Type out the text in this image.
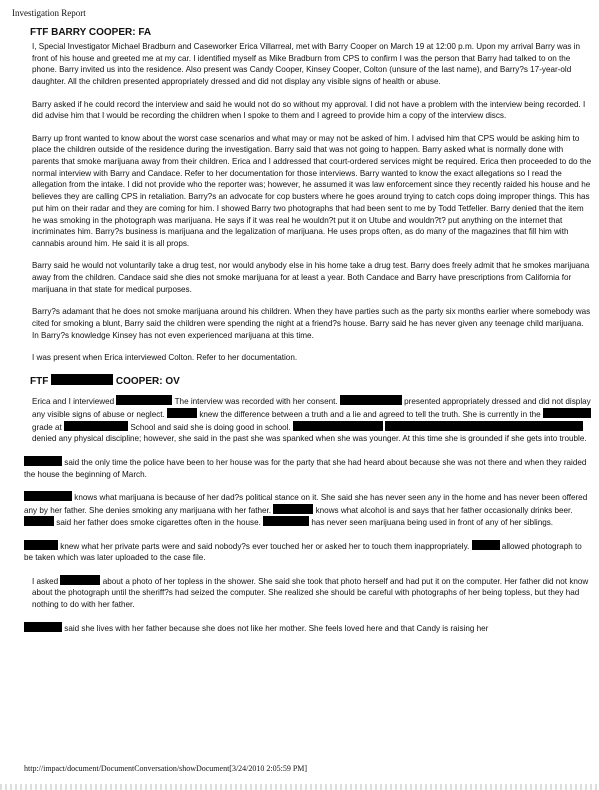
Investigation Report
FTF BARRY COOPER: FA

I, Special Investigator Michael Bradburn and Caseworker Erica Villarreal, met with Barry Cooper on March 19 at 12:00 p.m. Upon my arrival Barry was in front of his house and greeted me at my car. I identified myself as Mike Bradburn from CPS to confirm I was the person that Barry had talked to on the phone. Barry invited us into the residence. Also present was Candy Cooper, Kinsey Cooper, Colton (unsure of the last name), and Barry?s 17-year-old daughter. All the children presented appropriately dressed and did not display any visible signs of health or abuse.

Barry asked if he could record the interview and said he would not do so without my approval. I did not have a problem with the interview being recorded. I did advise him that I would be recording the children when I spoke to them and I agreed to provide him a copy of the interview discs.

Barry up front wanted to know about the worst case scenarios and what may or may not be asked of him. I advised him that CPS would be asking him to place the children outside of the residence during the investigation. Barry said that was not going to happen. Barry asked what is normally done with parents that smoke marijuana away from their children. Erica and I addressed that court-ordered services might be required. Erica then proceeded to do the normal interview with Barry and Candace. Refer to her documentation for those interviews. Barry wanted to know the exact allegations so I read the allegation from the intake. I did not provide who the reporter was; however, he assumed it was law enforcement since they recently raided his house and he believes they are calling CPS in retaliation. Barry?s an advocate for cop busters where he goes around trying to catch cops doing improper things. This has put him on their radar and they are coming for him. I showed Barry two photographs that had been sent to me by Todd Tetfeller. Barry denied that the item he was smoking in the photograph was marijuana. He says if it was real he wouldn?t put it on Utube and wouldn?t? put anything on the internet that incriminates him. Barry?s business is marijuana and the legalization of marijuana. He uses props often, as do many of the magazines that fill him with cannabis around him. He said it is all props.

Barry said he would not voluntarily take a drug test, nor would anybody else in his home take a drug test. Barry does freely admit that he smokes marijuana away from the children. Candace said she dies not smoke marijuana for at least a year. Both Candace and Barry have prescriptions from California for marijuana in that state for medical purposes.

Barry?s adamant that he does not smoke marijuana around his children. When they have parties such as the party six months earlier where somebody was cited for smoking a blunt, Barry said the children were spending the night at a friend?s house. Barry said he has never given any teenage child marijuana. In Barry?s knowledge Kinsey has not even experienced marijuana at this time.

I was present when Erica interviewed Colton. Refer to her documentation.

FTF	COOPER: OV

Erica and I interviewed	The interview was recorded with her consent.	presented appropriately dressed and did not display any visible signs of abuse or neglect.	knew the difference between a truth and a lie and agreed to tell the truth. She is currently in the  grade at	School and said she is doing good in school.   denied any physical discipline; however, she said in the past she was spanked when she was younger. At this time she is grounded if she gets into trouble.

said the only time the police have been to her house was for the party that she had heard about because she was not there and when they raided the house the beginning of March.

knows what marijuana is because of her dad?s political stance on it. She said she has never seen any in the home and has never been offered any by her father. She denies smoking any marijuana with her father.	knows what alcohol is and says that her father occasionally drinks beer.  said her father does smoke cigarettes often in the house.	has never seen marijuana being used in front of any of her siblings.

knew what her private parts were and said nobody?s ever touched her or asked her to touch them inappropriately.	allowed photograph to be taken which was later uploaded to the case file.

I asked	about a photo of her topless in the shower. She said she took that photo herself and had put it on the computer. Her father did not know about the photograph until the sheriff?s had seized the computer. She realized she should be careful with photographs of her being topless, but they had nothing to do with her father.

said she lives with her father because she does not like her mother. She feels loved here and that Candy is raising her

http://impact/document/DocumentConversation/showDocument[3/24/2010 2:05:59 PM]
